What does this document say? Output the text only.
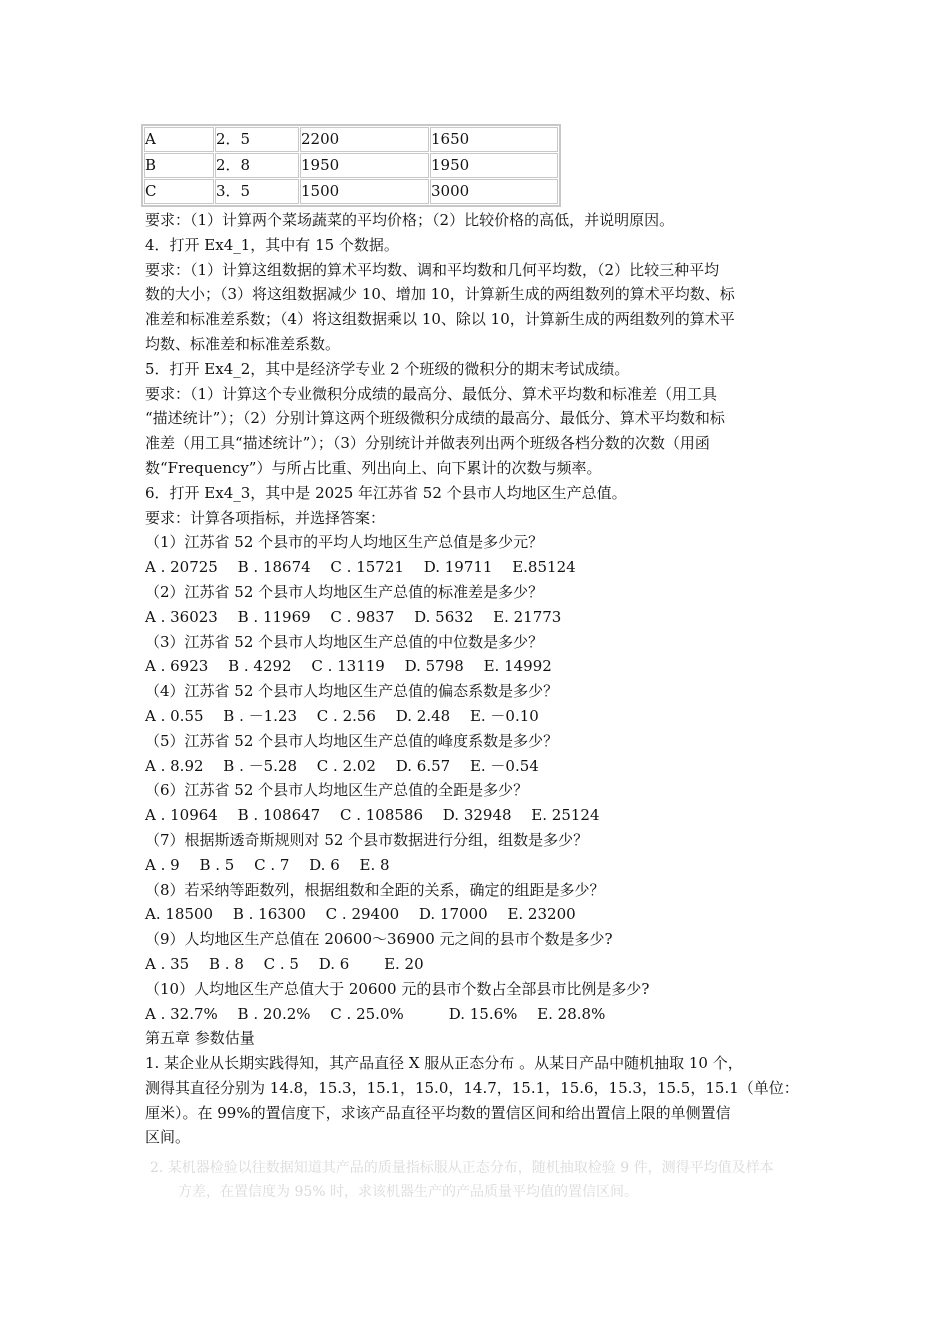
A	2．5	2200	1650
B	2．8	1950	1950
C	3．5	1500	3000

要求：（1）计算两个菜场蔬菜的平均价格；（2）比较价格的高低，并说明原因。

4．打开 Ex4_1，其中有 15 个数据。

要求：（1）计算这组数据的算术平均数、调和平均数和几何平均数，（2）比较三种平均

数的大小；（3）将这组数据减少 10、增加 10，计算新生成的两组数列的算术平均数、标

准差和标准差系数；（4）将这组数据乘以 10、除以 10，计算新生成的两组数列的算术平

均数、标准差和标准差系数。

5．打开 Ex4_2，其中是经济学专业 2 个班级的微积分的期末考试成绩。

要求：（1）计算这个专业微积分成绩的最高分、最低分、算术平均数和标准差（用工具

“描述统计”）；（2）分别计算这两个班级微积分成绩的最高分、最低分、算术平均数和标

准差（用工具“描述统计”）；（3）分别统计并做表列出两个班级各档分数的次数（用函

数“Frequency”）与所占比重、列出向上、向下累计的次数与频率。

6．打开 Ex4_3，其中是 2025 年江苏省 52 个县市人均地区生产总值。

要求：计算各项指标，并选择答案：

（1）江苏省 52 个县市的平均人均地区生产总值是多少元？

A . 20725　 B . 18674　 C . 15721　 D. 19711　 E.85124

（2）江苏省 52 个县市人均地区生产总值的标准差是多少？

A . 36023　 B . 11969　 C . 9837　 D. 5632　 E. 21773

（3）江苏省 52 个县市人均地区生产总值的中位数是多少？

A . 6923　 B . 4292　 C . 13119　 D. 5798　 E. 14992

（4）江苏省 52 个县市人均地区生产总值的偏态系数是多少？

A . 0.55　 B . －1.23　 C . 2.56　 D. 2.48　 E. －0.10

（5）江苏省 52 个县市人均地区生产总值的峰度系数是多少？

A . 8.92　 B . －5.28　 C . 2.02　 D. 6.57　 E. －0.54

（6）江苏省 52 个县市人均地区生产总值的全距是多少？

A . 10964　 B . 108647　 C . 108586　 D. 32948　 E. 25124

（7）根据斯透奇斯规则对 52 个县市数据进行分组，组数是多少？

A . 9　 B . 5　 C . 7　 D. 6　 E. 8

（8）若采纳等距数列，根据组数和全距的关系，确定的组距是多少？

A. 18500　 B . 16300　 C . 29400　 D. 17000　 E. 23200

（9）人均地区生产总值在 20600～36900 元之间的县市个数是多少?

A . 35　 B . 8　 C . 5　 D. 6　　 E. 20

（10）人均地区生产总值大于 20600 元的县市个数占全部县市比例是多少?

A . 32.7%　 B . 20.2%　 C . 25.0%　　　D. 15.6%　 E. 28.8%

第五章 参数估量

1. 某企业从长期实践得知，其产品直径 X 服从正态分布 。从某日产品中随机抽取 10 个，

测得其直径分别为 14.8，15.3，15.1，15.0，14.7，15.1，15.6，15.3，15.5，15.1（单位：

厘米）。在 99%的置信度下，求该产品直径平均数的置信区间和给出置信上限的单侧置信

区间。

2. 某机器检验以往数据知道其产品的质量指标服从正态分布，随机抽取检验 9 件，测得平均值及样本
方差，在置信度为 95% 时，求该机器生产的产品质量平均值的置信区间。
